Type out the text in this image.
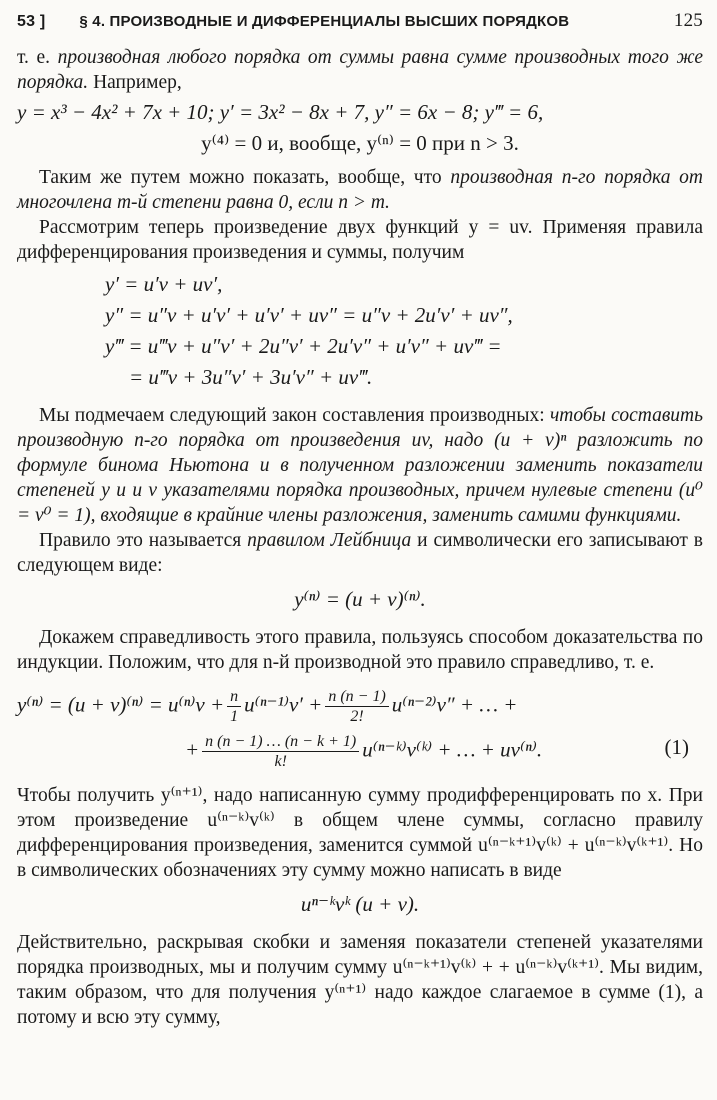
53 ]	§ 4. ПРОИЗВОДНЫЕ И ДИФФЕРЕНЦИАЛЫ ВЫСШИХ ПОРЯДКОВ	125

т. е. производная любого порядка от суммы равна сумме производных того же порядка. Например,

y = x³ − 4x² + 7x + 10; y′ = 3x² − 8x + 7, y″ = 6x − 8; y‴ = 6,
y⁽⁴⁾ = 0 и, вообще, y⁽ⁿ⁾ = 0 при n > 3.

Таким же путем можно показать, вообще, что производная n-го порядка от многочлена m-й степени равна 0, если n > m.

Рассмотрим теперь произведение двух функций y = uv. Применяя правила дифференцирования произведения и суммы, получим

y′ = u′v + uv′,
y″ = u″v + u′v′ + u′v′ + uv″ = u″v + 2u′v′ + uv″,
y‴ = u‴v + u″v′ + 2u″v′ + 2u′v″ + u′v″ + uv‴ =
= u‴v + 3u″v′ + 3u′v″ + uv‴.

Мы подмечаем следующий закон составления производных: чтобы составить производную n-го порядка от произведения uv, надо (u + v)ⁿ разложить по формуле бинома Ньютона и в полученном разложении заменить показатели степеней у u и v указателями порядка производных, причем нулевые степени (u⁰ = v⁰ = 1), входящие в крайние члены разложения, заменить самими функциями.

Правило это называется правилом Лейбница и символически его записывают в следующем виде:

y⁽ⁿ⁾ = (u + v)⁽ⁿ⁾.

Докажем справедливость этого правила, пользуясь способом доказательства по индукции. Положим, что для n-й производной это правило справедливо, т. е.

$y^{(n)} = (u + v)^{(n)} = u^{(n)}v + \frac{n}{1} u^{(n-1)}v' + \frac{n (n - 1)}{2!} u^{(n-2)}v''$ + … +
+ $\frac{n (n - 1) \dots (n - k + 1)}{k!}$ u⁽ⁿ⁻ᵏ⁾v⁽ᵏ⁾ + … + uv⁽ⁿ⁾.	(1)

Чтобы получить y⁽ⁿ⁺¹⁾, надо написанную сумму продифференцировать по x. При этом произведение u⁽ⁿ⁻ᵏ⁾v⁽ᵏ⁾ в общем члене суммы, согласно правилу дифференцирования произведения, заменится суммой u⁽ⁿ⁻ᵏ⁺¹⁾v⁽ᵏ⁾ + u⁽ⁿ⁻ᵏ⁾v⁽ᵏ⁺¹⁾. Но в символических обозначениях эту сумму можно написать в виде

uⁿ⁻ᵏvᵏ (u + v).

Действительно, раскрывая скобки и заменяя показатели степеней указателями порядка производных, мы и получим сумму u⁽ⁿ⁻ᵏ⁺¹⁾v⁽ᵏ⁾ + + u⁽ⁿ⁻ᵏ⁾v⁽ᵏ⁺¹⁾. Мы видим, таким образом, что для получения y⁽ⁿ⁺¹⁾ надо каждое слагаемое в сумме (1), а потому и всю эту сумму,
